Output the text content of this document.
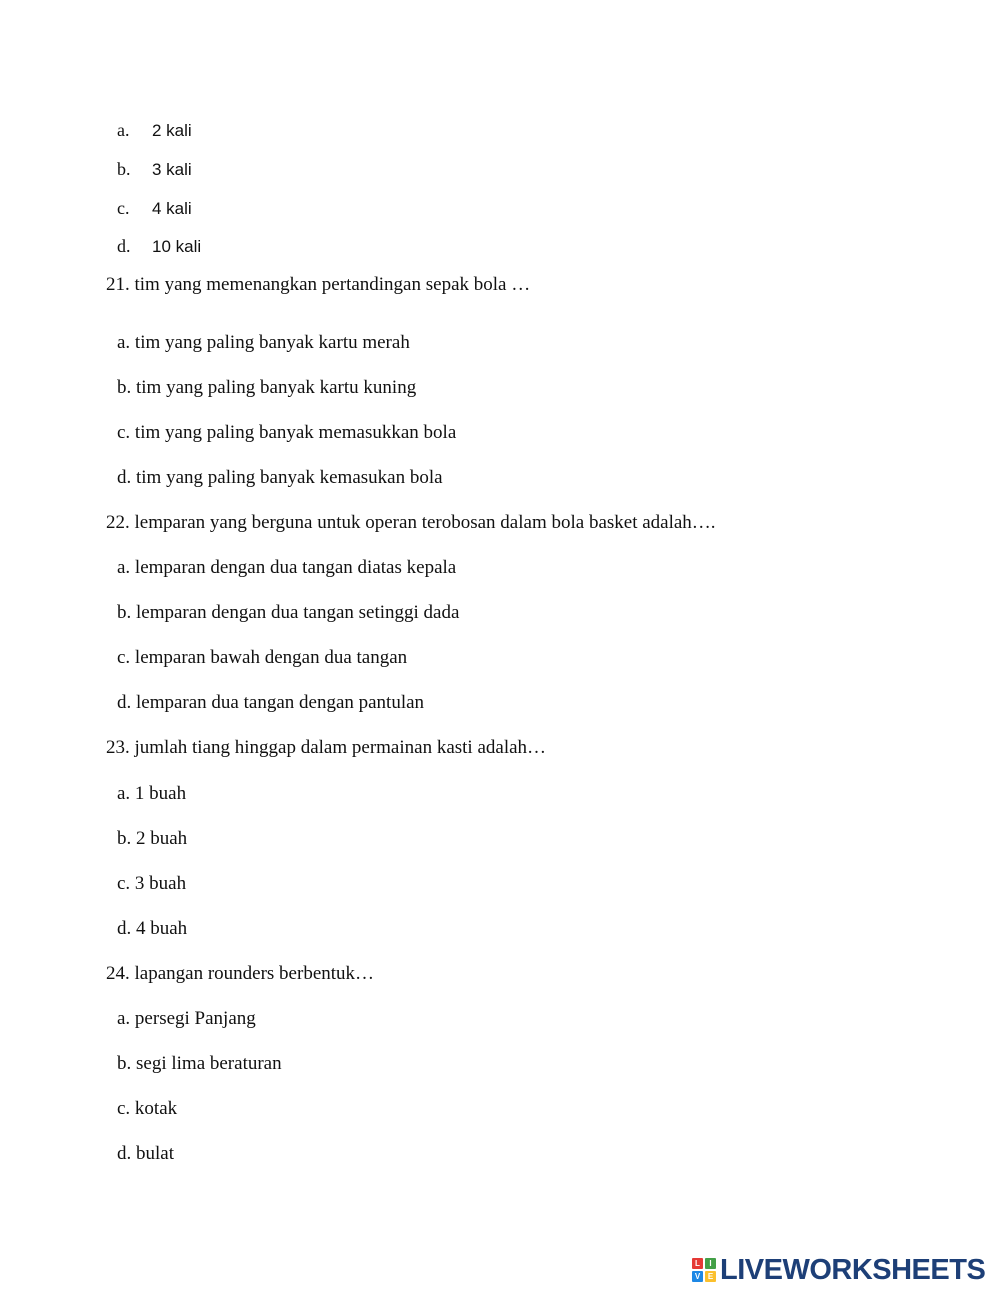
a. 2 kali
b. 3 kali
c. 4 kali
d. 10 kali
21. tim yang memenangkan pertandingan sepak bola …
a. tim yang paling banyak kartu merah
b. tim yang paling banyak kartu kuning
c. tim yang paling banyak memasukkan bola
d. tim yang paling banyak kemasukan bola
22. lemparan yang berguna untuk operan terobosan dalam bola basket adalah….
a. lemparan dengan dua tangan diatas kepala
b. lemparan dengan dua tangan setinggi dada
c. lemparan bawah dengan dua tangan
d. lemparan dua tangan dengan pantulan
23. jumlah tiang hinggap dalam permainan kasti adalah…
a. 1 buah
b. 2 buah
c. 3 buah
d. 4 buah
24. lapangan rounders berbentuk…
a. persegi Panjang
b. segi lima beraturan
c. kotak
d. bulat
L	I
V E LIVEWORKSHEETS
